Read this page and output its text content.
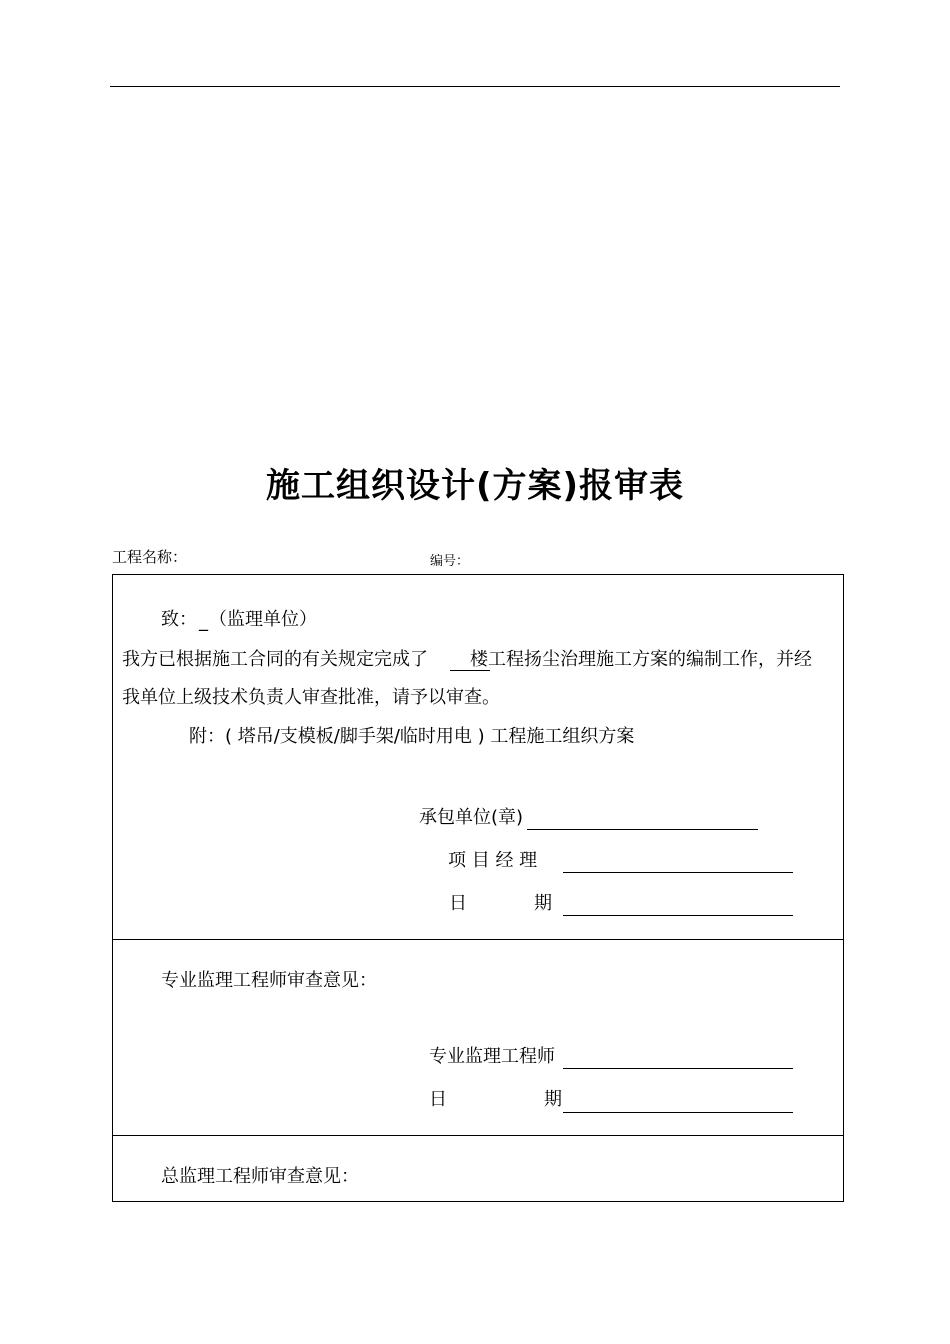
施工组织设计(方案)报审表
工程名称：	编号：
致： _ （监理单位）
我方已根据施工合同的有关规定完成了 楼工程扬尘治理施工方案的编制工作，并经
我单位上级技术负责人审查批准，请予以审查。
附：( 塔吊/支模板/脚手架/临时用电 ) 工程施工组织方案
承包单位(章)
项 目 经 理
日	期
专业监理工程师审查意见：
专业监理工程师
日	期
总监理工程师审查意见：
